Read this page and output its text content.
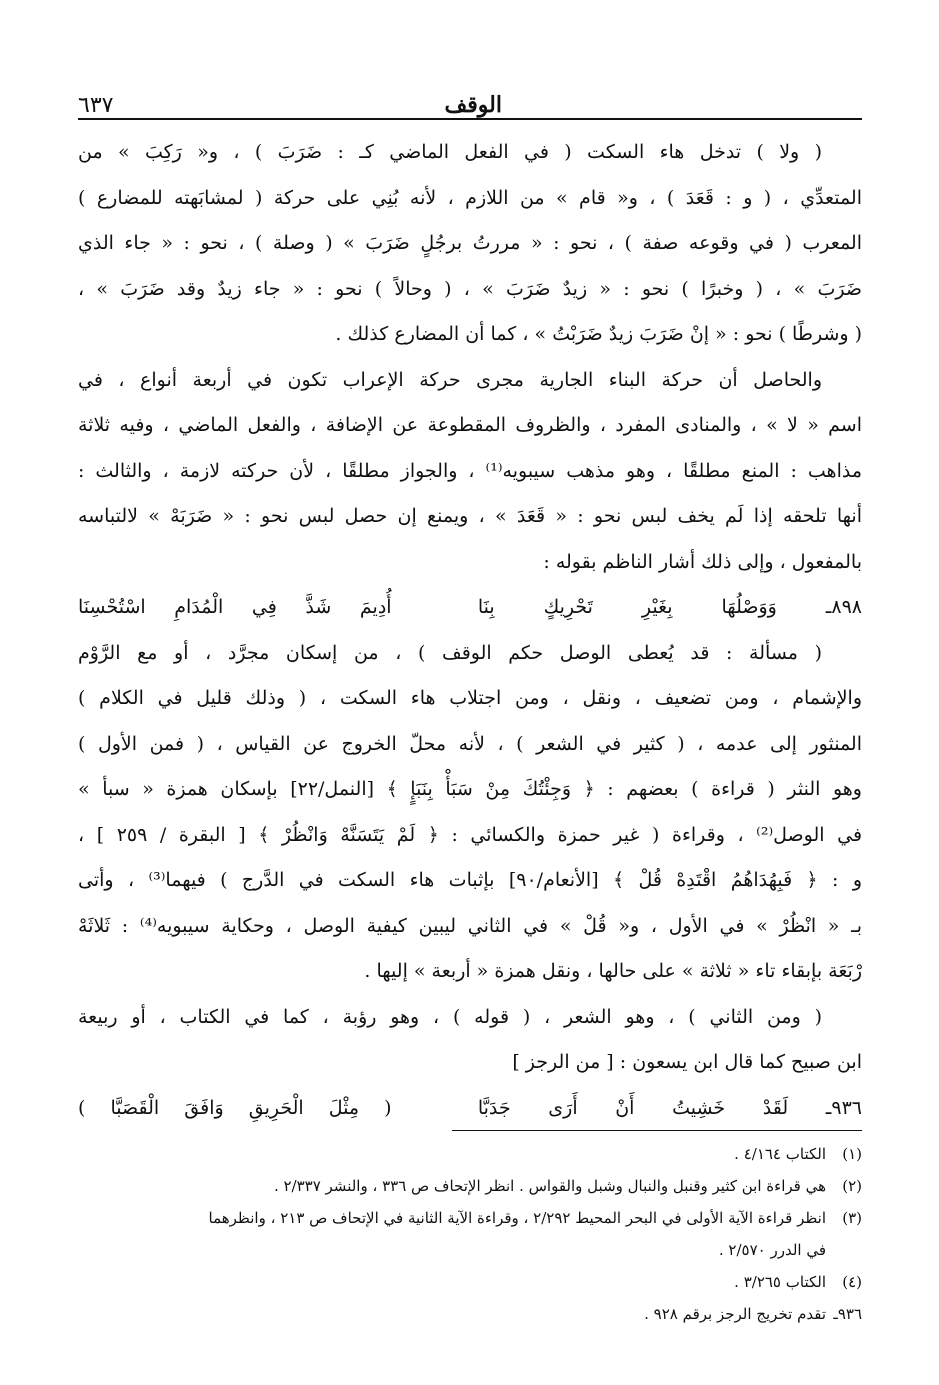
الوقف
٦٣٧
( ولا ) تدخل هاء السكت ( في الفعل الماضي كـ : ضَرَبَ ) ، و« رَكِبَ » من
المتعدِّي ، ( و : قَعَدَ ) ، و« قام » من اللازم ، لأنه بُنِي على حركة ( لمشابَهته للمضارع )
المعرب ( في وقوعه صفة ) ، نحو : « مررتُ برجُلٍ ضَرَبَ » ( وصلة ) ، نحو : « جاء الذي
ضَرَبَ » ، ( وخبرًا ) نحو : « زيدٌ ضَرَبَ » ، ( وحالاً ) نحو : « جاء زيدٌ وقد ضَرَبَ » ،
( وشرطًا ) نحو : « إنْ ضَرَبَ زيدٌ ضَرَبْتُ » ، كما أن المضارع كذلك .
والحاصل أن حركة البناء الجارية مجرى حركة الإعراب تكون في أربعة أنواع ، في
اسم « لا » ، والمنادى المفرد ، والظروف المقطوعة عن الإضافة ، والفعل الماضي ، وفيه ثلاثة
مذاهب : المنع مطلقًا ، وهو مذهب سيبويه⁽¹⁾ ، والجواز مطلقًا ، لأن حركته لازمة ، والثالث :
أنها تلحقه إذا لَم يخف لبس نحو : « قَعَدَ » ، ويمنع إن حصل لبس نحو : « ضَرَبَهْ » لالتباسه
بالمفعول ، وإلى ذلك أشار الناظم بقوله :
٨٩٨ـ وَوَصْلُهَا بِغَيْرِ تَحْرِيكٍ بِنَا
أُدِيمَ شَذَّ فِي الْمُدَامِ اسْتُحْسِنَا
( مسألة : قد يُعطى الوصل حكم الوقف ) ، من إسكان مجرَّد ، أو مع الرَّوْم
والإشمام ، ومن تضعيف ، ونقل ، ومن اجتلاب هاء السكت ، ( وذلك قليل في الكلام )
المنثور إلى عدمه ، ( كثير في الشعر ) ، لأنه محلّ الخروج عن القياس ، ( فمن الأول )
وهو النثر ( قراءة ) بعضهم : ﴿ وَجِئْتُكَ مِنْ سَبَأْ بِنَبَإٍ ﴾ [النمل/٢٢] بإسكان همزة « سبأ »
في الوصل⁽²⁾ ، وقراءة ( غير حمزة والكسائي : ﴿ لَمْ يَتَسَنَّهْ وَانْظُرْ ﴾ [ البقرة / ٢٥٩ ] ،
و : ﴿ فَبِهُدَاهُمُ اقْتَدِهْ قُلْ ﴾ [الأنعام/٩٠] بإثبات هاء السكت في الدَّرج ) فيهما⁽³⁾ ، وأتى
بـ « انْظُرْ » في الأول ، و« قُلْ » في الثاني ليبين كيفية الوصل ، وحكاية سيبويه⁽⁴⁾ : ثَلاثَهْ
رْبَعَة بإبقاء تاء « ثلاثة » على حالها ، ونقل همزة « أربعة » إليها .
( ومن الثاني ) ، وهو الشعر ، ( قوله ) ، وهو رؤبة ، كما في الكتاب ، أو ربيعة
ابن صبيح كما قال ابن يسعون : [ من الرجز ]
٩٣٦ـ لَقَدْ خَشِيتُ أَنْ أَرَى جَدَبَّا
( مِثْلَ الْحَرِيقِ وَافَقَ الْقَصَبَّا )
(١)
الكتاب ٤/١٦٤ .
(٢)
هي قراءة ابن كثير وقنبل والنبال وشبل والقواس . انظر الإتحاف ص ٣٣٦ ، والنشر ٢/٣٣٧ .
(٣)
انظر قراءة الآية الأولى في البحر المحيط ٢/٢٩٢ ، وقراءة الآية الثانية في الإتحاف ص ٢١٣ ، وانظرهما
في الدرر ٢/٥٧٠ .
(٤)
الكتاب ٣/٢٦٥ .
٩٣٦ـ
تقدم تخريج الرجز برقم ٩٢٨ .
